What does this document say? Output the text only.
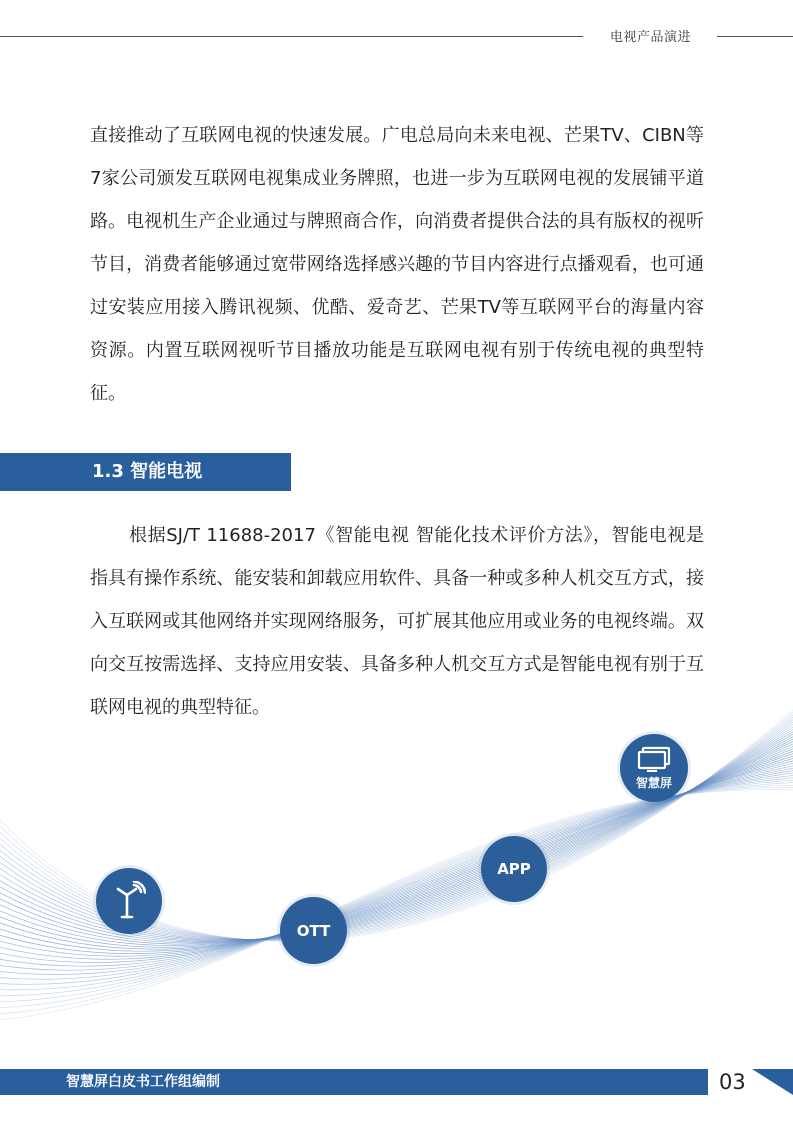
电视产品演进
直接推动了互联网电视的快速发展。广电总局向未来电视、芒果TV、CIBN等7家公司颁发互联网电视集成业务牌照，也进一步为互联网电视的发展铺平道路。电视机生产企业通过与牌照商合作，向消费者提供合法的具有版权的视听节目，消费者能够通过宽带网络选择感兴趣的节目内容进行点播观看，也可通过安装应用接入腾讯视频、优酷、爱奇艺、芒果TV等互联网平台的海量内容资源。内置互联网视听节目播放功能是互联网电视有别于传统电视的典型特征。
1.3 智能电视
根据SJ/T 11688-2017《智能电视 智能化技术评价方法》，智能电视是指具有操作系统、能安装和卸载应用软件、具备一种或多种人机交互方式，接入互联网或其他网络并实现网络服务，可扩展其他应用或业务的电视终端。双向交互按需选择、支持应用安装、具备多种人机交互方式是智能电视有别于互联网电视的典型特征。
OTT
APP
智慧屏
智慧屏白皮书工作组编制	03
